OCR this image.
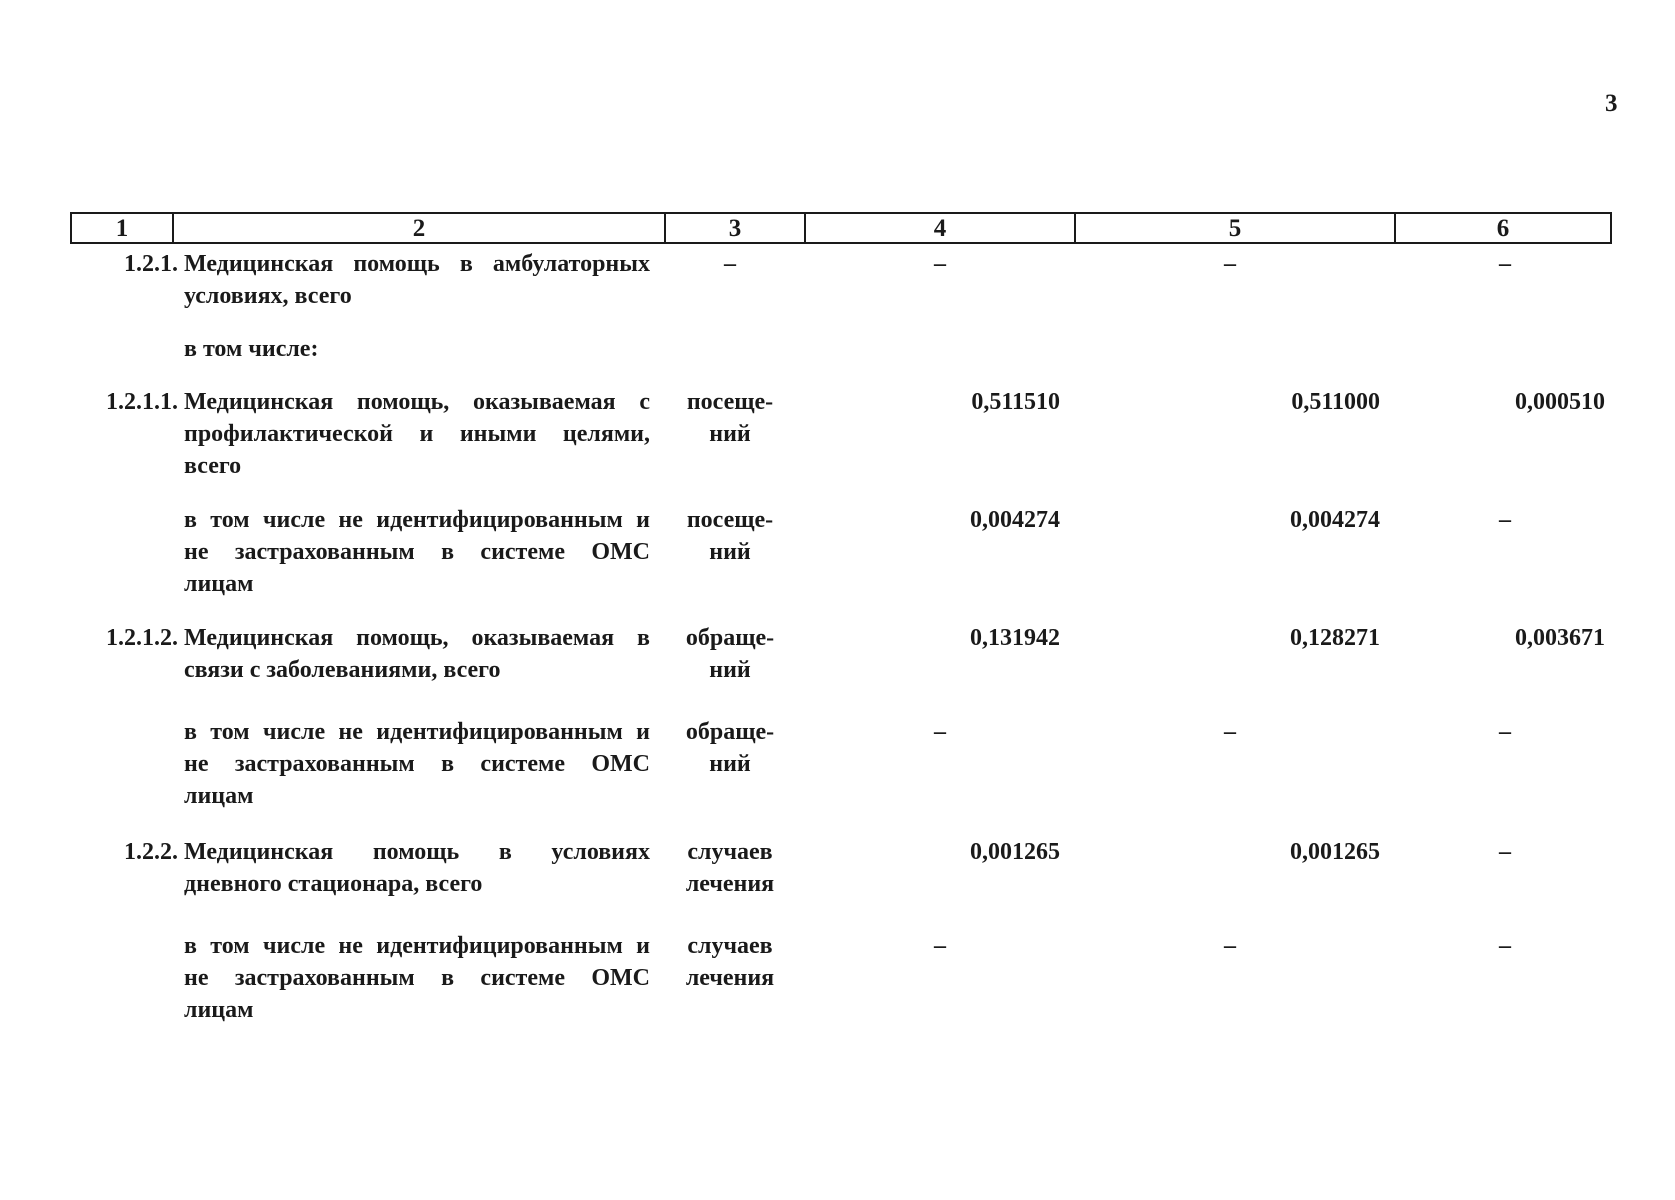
3
1	2	3	4	5	6
1.2.1. Медицинская помощь в амбулаторных
условиях, всего
–	–	–	–
в том числе:
1.2.1.1. Медицинская помощь, оказываемая с
профилактической и иными целями,
всего
посеще-
ний
0,511510	0,511000	0,000510
в том числе не идентифицированным и
не застрахованным в системе ОМС
лицам
посеще-
ний
0,004274	0,004274	–
1.2.1.2. Медицинская помощь, оказываемая в
связи с заболеваниями, всего
обраще-
ний
0,131942	0,128271	0,003671
в том числе не идентифицированным и
не застрахованным в системе ОМС
лицам
обраще-
ний
–	–	–
1.2.2. Медицинская помощь в условиях
дневного стационара, всего
случаев
лечения
0,001265	0,001265	–
в том числе не идентифицированным и
не застрахованным в системе ОМС
лицам
случаев
лечения
–	–	–
